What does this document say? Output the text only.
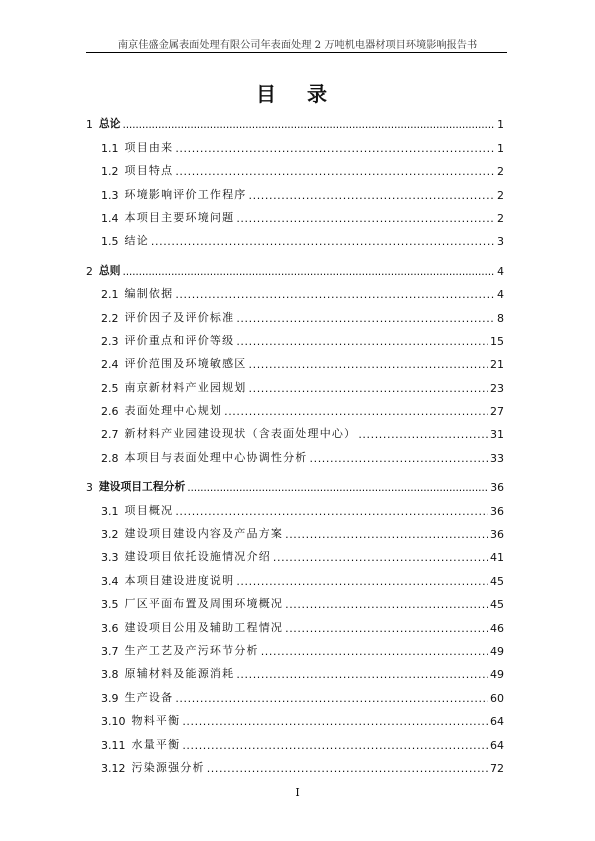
南京佳盛金属表面处理有限公司年表面处理 2 万吨机电器材项目环境影响报告书
目 录
1 总论 .....	1
1.1 项目由来 .....	1
1.2 项目特点 .....	2
1.3 环境影响评价工作程序 .....	2
1.4 本项目主要环境问题 .....	2
1.5 结论 .....	3
2 总则 .....	4
2.1 编制依据 .....	4
2.2 评价因子及评价标准 .....	8
2.3 评价重点和评价等级 .....	15
2.4 评价范围及环境敏感区 .....	21
2.5 南京新材料产业园规划 .....	23
2.6 表面处理中心规划 .....	27
2.7 新材料产业园建设现状（含表面处理中心） .....	31
2.8 本项目与表面处理中心协调性分析 .....	33
3 建设项目工程分析 .....	36
3.1 项目概况 .....	36
3.2 建设项目建设内容及产品方案 .....	36
3.3 建设项目依托设施情况介绍 .....	41
3.4 本项目建设进度说明 .....	45
3.5 厂区平面布置及周围环境概况 .....	45
3.6 建设项目公用及辅助工程情况 .....	46
3.7 生产工艺及产污环节分析 .....	49
3.8 原辅材料及能源消耗 .....	49
3.9 生产设备 .....	60
3.10 物料平衡 .....	64
3.11 水量平衡 .....	64
3.12 污染源强分析 .....	72
I
